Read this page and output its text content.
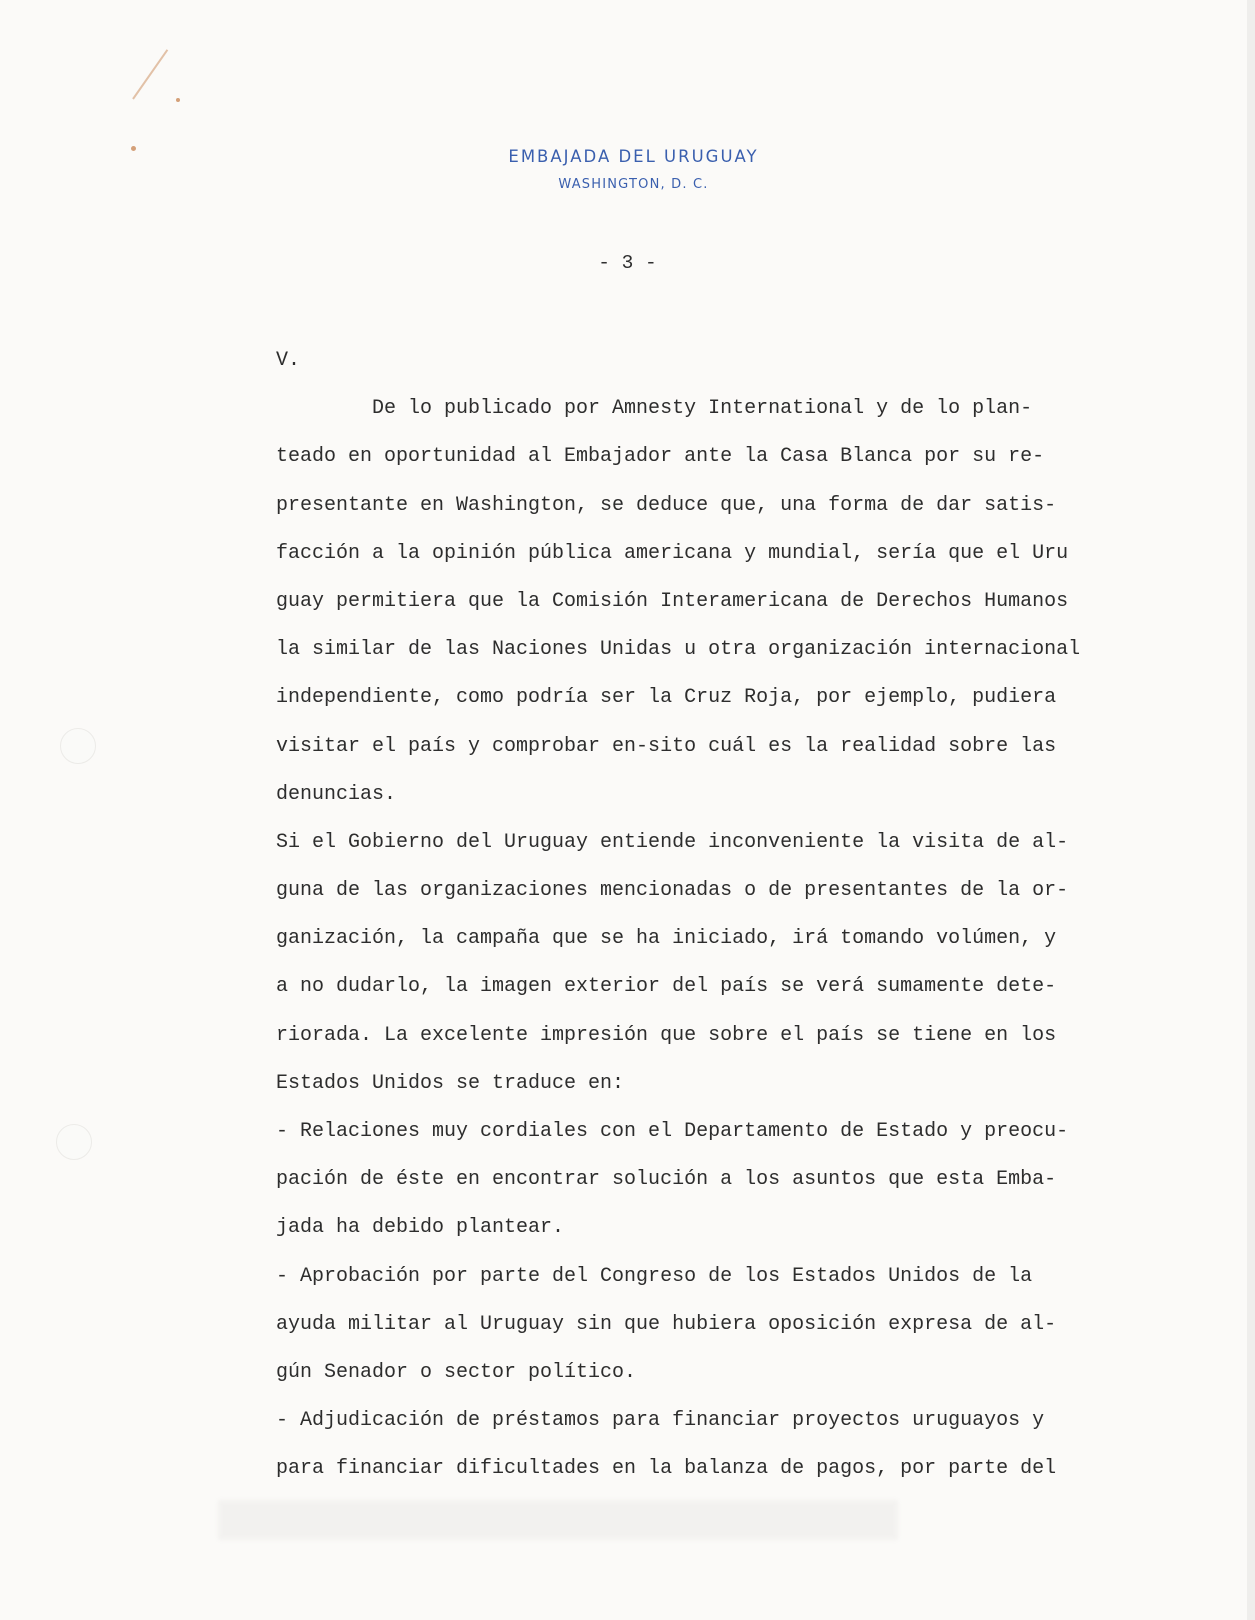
EMBAJADA DEL URUGUAY
WASHINGTON, D. C.
- 3 -
V.
De lo publicado por Amnesty International y de lo plan-
teado en oportunidad al Embajador ante la Casa Blanca por su re-
presentante en Washington, se deduce que, una forma de dar satis-
facción a la opinión pública americana y mundial, sería que el Uru
guay permitiera que la Comisión Interamericana de Derechos Humanos
la similar de las Naciones Unidas u otra organización internacional
independiente, como podría ser la Cruz Roja, por ejemplo, pudiera
visitar el país y comprobar en-sito cuál es la realidad sobre las
denuncias.
Si el Gobierno del Uruguay entiende inconveniente la visita de al-
guna de las organizaciones mencionadas o de presentantes de la or-
ganización, la campaña que se ha iniciado, irá tomando volúmen, y
a no dudarlo, la imagen exterior del país se verá sumamente dete-
riorada. La excelente impresión que sobre el país se tiene en los
Estados Unidos se traduce en:
- Relaciones muy cordiales con el Departamento de Estado y preocu-
pación de éste en encontrar solución a los asuntos que esta Emba-
jada ha debido plantear.
- Aprobación por parte del Congreso de los Estados Unidos de la
ayuda militar al Uruguay sin que hubiera oposición expresa de al-
gún Senador o sector político.
- Adjudicación de préstamos para financiar proyectos uruguayos y
para financiar dificultades en la balanza de pagos, por parte del
